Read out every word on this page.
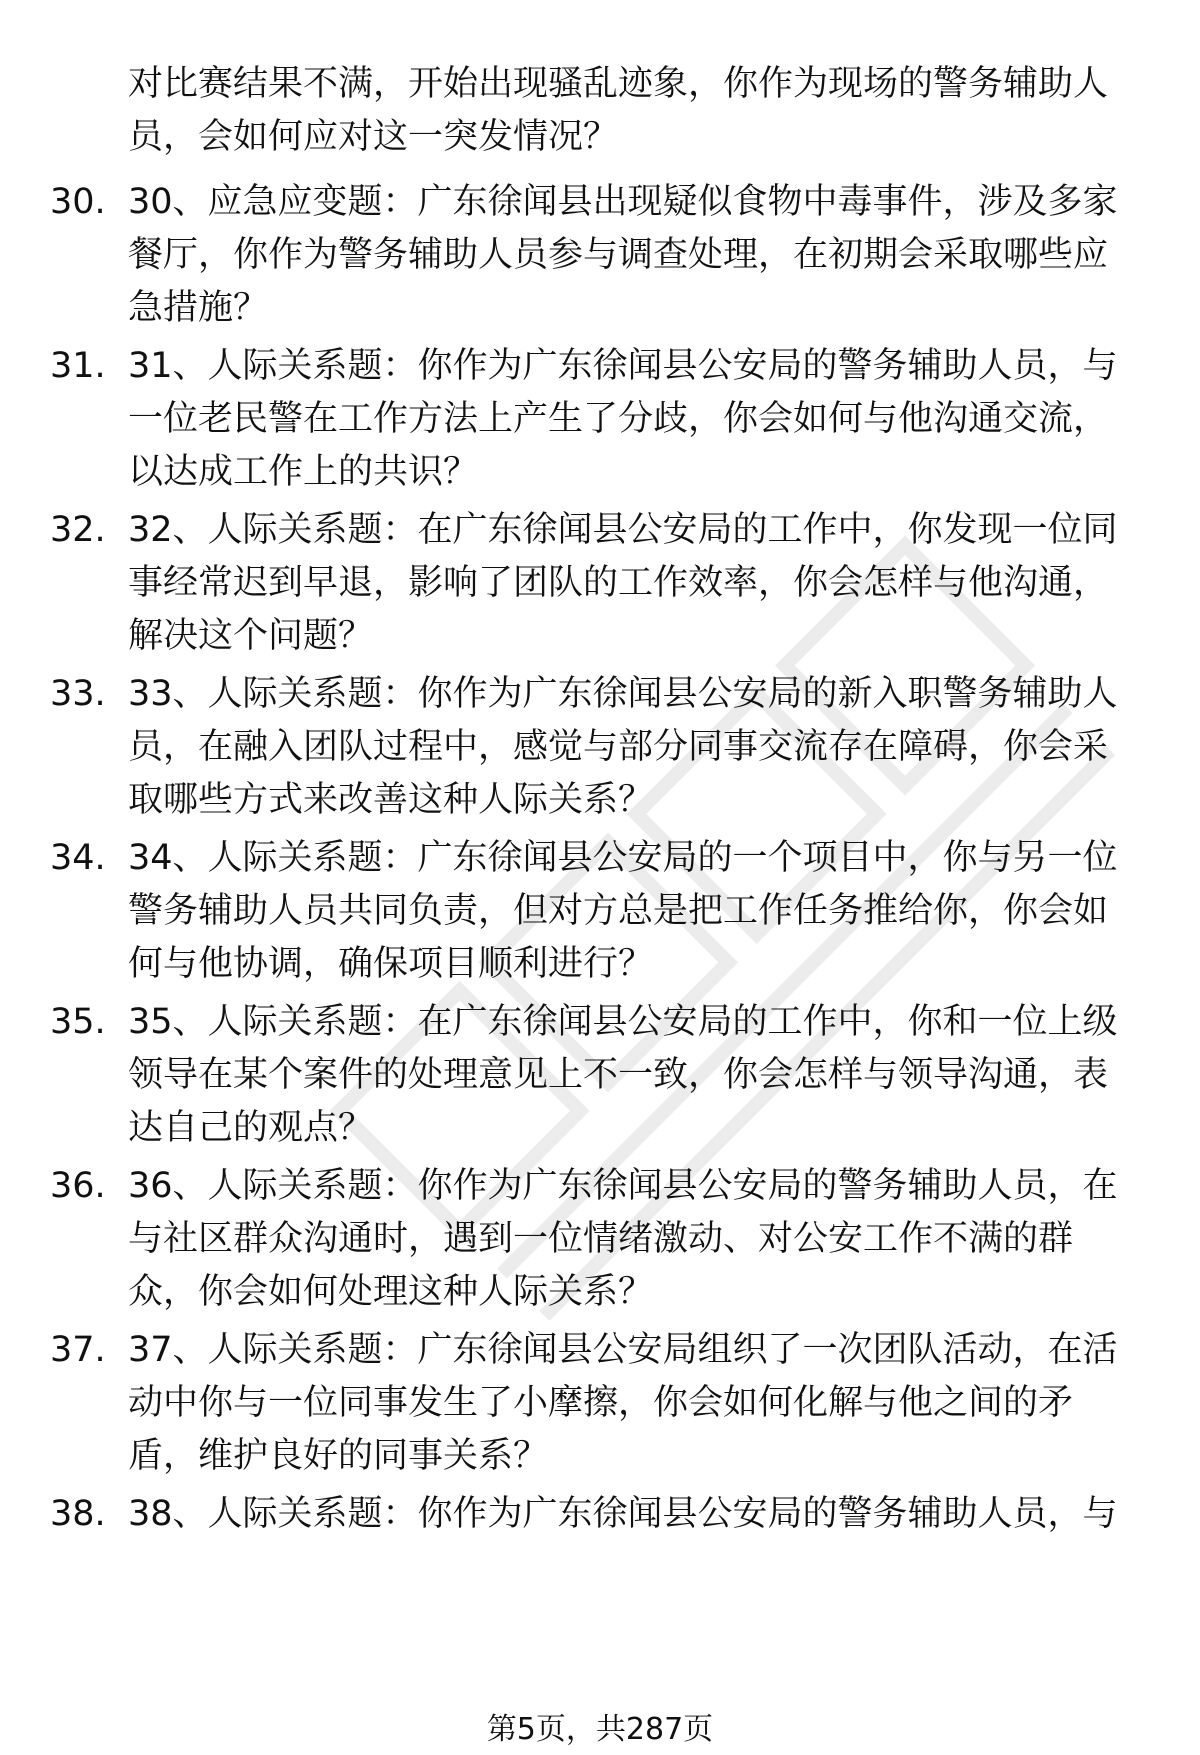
对比赛结果不满，开始出现骚乱迹象，你作为现场的警务辅助人员，会如何应对这一突发情况？

30. 30、应急应变题：广东徐闻县出现疑似食物中毒事件，涉及多家餐厅，你作为警务辅助人员参与调查处理，在初期会采取哪些应急措施？

31. 31、人际关系题：你作为广东徐闻县公安局的警务辅助人员，与一位老民警在工作方法上产生了分歧，你会如何与他沟通交流，以达成工作上的共识？

32. 32、人际关系题：在广东徐闻县公安局的工作中，你发现一位同事经常迟到早退，影响了团队的工作效率，你会怎样与他沟通，解决这个问题？

33. 33、人际关系题：你作为广东徐闻县公安局的新入职警务辅助人员，在融入团队过程中，感觉与部分同事交流存在障碍，你会采取哪些方式来改善这种人际关系？

34. 34、人际关系题：广东徐闻县公安局的一个项目中，你与另一位警务辅助人员共同负责，但对方总是把工作任务推给你，你会如何与他协调，确保项目顺利进行？

35. 35、人际关系题：在广东徐闻县公安局的工作中，你和一位上级领导在某个案件的处理意见上不一致，你会怎样与领导沟通，表达自己的观点？

36. 36、人际关系题：你作为广东徐闻县公安局的警务辅助人员，在与社区群众沟通时，遇到一位情绪激动、对公安工作不满的群众，你会如何处理这种人际关系？

37. 37、人际关系题：广东徐闻县公安局组织了一次团队活动，在活动中你与一位同事发生了小摩擦，你会如何化解与他之间的矛盾，维护良好的同事关系？

38. 38、人际关系题：你作为广东徐闻县公安局的警务辅助人员，与

第5页，共287页
